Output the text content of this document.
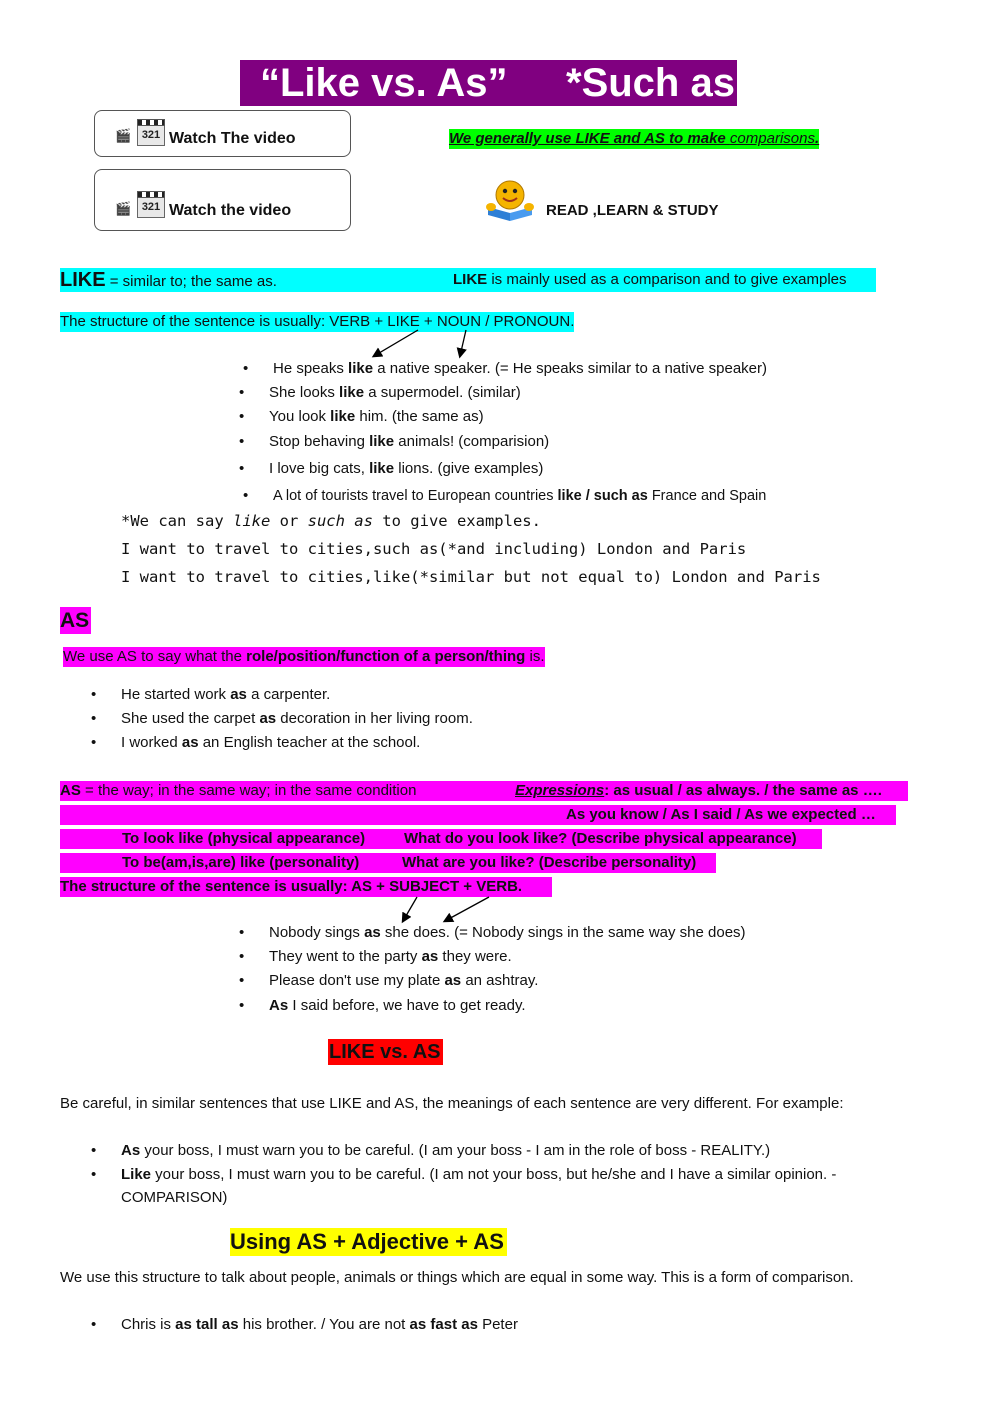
“Like vs. As” *Such as
🎬 321 Watch The video
🎬 321 Watch the video
We generally use LIKE and AS to make comparisons.
READ ,LEARN & STUDY
LIKE = similar to; the same as.	LIKE is mainly used as a comparison and to give examples
The structure of the sentence is usually: VERB + LIKE + NOUN / PRONOUN.
• He speaks like a native speaker. (= He speaks similar to a native speaker)
• She looks like a supermodel. (similar)
• You look like him. (the same as)
• Stop behaving like animals! (comparision)
• I love big cats, like lions. (give examples)
• A lot of tourists travel to European countries like / such as France and Spain
*We can say like or such as to give examples.
I want to travel to cities,such as(*and including) London and Paris
I want to travel to cities,like(*similar but not equal to) London and Paris
AS
We use AS to say what the role/position/function of a person/thing is.
• He started work as a carpenter.
• She used the carpet as decoration in her living room.
• I worked as an English teacher at the school.
AS = the way; in the same way; in the same condition	Expressions: as usual / as always. / the same as ….
As you know / As I said / As we expected …
To look like (physical appearance)	What do you look like? (Describe physical appearance)
To be(am,is,are) like (personality)	What are you like? (Describe personality)
The structure of the sentence is usually: AS + SUBJECT + VERB.
• Nobody sings as she does. (= Nobody sings in the same way she does)
• They went to the party as they were.
• Please don't use my plate as an ashtray.
• As I said before, we have to get ready.
LIKE vs. AS
Be careful, in similar sentences that use LIKE and AS, the meanings of each sentence are very different. For example:
• As your boss, I must warn you to be careful. (I am your boss - I am in the role of boss - REALITY.)
• Like your boss, I must warn you to be careful. (I am not your boss, but he/she and I have a similar opinion. -
COMPARISON)
Using AS + Adjective + AS
We use this structure to talk about people, animals or things which are equal in some way. This is a form of comparison.
• Chris is as tall as his brother. / You are not as fast as Peter
